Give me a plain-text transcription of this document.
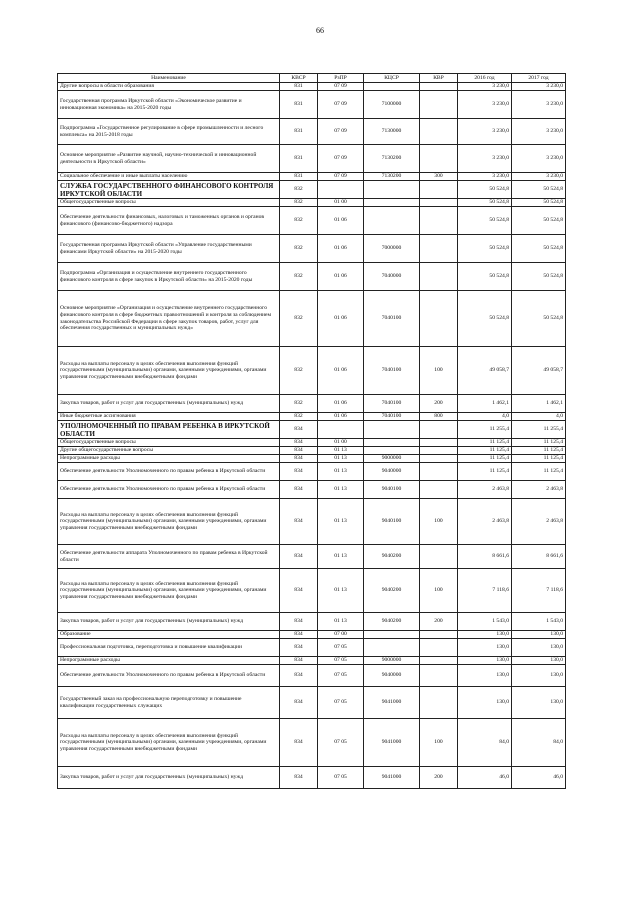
66
Наименование	КВСР	РзПР	КЦСР	КВР	2016 год	2017 год
Другие вопросы в области образования	831	07 09			3 230,0	3 230,0
Государственная программа Иркутской области «Экономическое развитие и инновационная экономика» на 2015-2020 годы	831	07 09	7100000		3 230,0	3 230,0
Подпрограмма «Государственное регулирование в сфере промышленности и лесного комплекса» на 2015-2018 годы	831	07 09	7130000		3 230,0	3 230,0
Основное мероприятие «Развитие научной, научно-технической и инновационной деятельности в Иркутской области»	831	07 09	7130200		3 230,0	3 230,0
Социальное обеспечение и иные выплаты населению	831	07 09	7130200	300	3 230,0	3 230,0
СЛУЖБА ГОСУДАРСТВЕННОГО ФИНАНСОВОГО КОНТРОЛЯ ИРКУТСКОЙ ОБЛАСТИ	832				50 524,8	50 524,8
Общегосударственные вопросы	832	01 00			50 524,8	50 524,8
Обеспечение деятельности финансовых, налоговых и таможенных органов и органов финансового (финансово-бюджетного) надзора	832	01 06			50 524,8	50 524,8
Государственная программа Иркутской области «Управление государственными финансами Иркутской области» на 2015-2020 годы	832	01 06	7000000		50 524,8	50 524,8
Подпрограмма «Организация и осуществление внутреннего государственного финансового контроля в сфере закупок в Иркутской области» на 2015-2020 годы	832	01 06	7040000		50 524,8	50 524,8
Основное мероприятие «Организация и осуществление внутреннего государственного финансового контроля в сфере бюджетных правоотношений и контроля за соблюдением законодательства Российской Федерации в сфере закупок товаров, работ, услуг для обеспечения государственных и муниципальных нужд»	832	01 06	7040100		50 524,8	50 524,8
Расходы на выплаты персоналу в целях обеспечения выполнения функций государственными (муниципальными) органами, казенными учреждениями, органами управления государственными внебюджетными фондами	832	01 06	7040100	100	49 058,7	49 058,7
Закупка товаров, работ и услуг для государственных (муниципальных) нужд	832	01 06	7040100	200	1 462,1	1 462,1
Иные бюджетные ассигнования	832	01 06	7040100	800	4,0	4,0
УПОЛНОМОЧЕННЫЙ ПО ПРАВАМ РЕБЕНКА В ИРКУТСКОЙ ОБЛАСТИ	834				11 255,4	11 255,4
Общегосударственные вопросы	834	01 00			11 125,4	11 125,4
Другие общегосударственные вопросы	834	01 13			11 125,4	11 125,4
Непрограммные расходы	834	01 13	9000000		11 125,4	11 125,4
Обеспечение деятельности Уполномоченного по правам ребенка в Иркутской области	834	01 13	9040000		11 125,4	11 125,4
Обеспечение деятельности Уполномоченного по правам ребенка в Иркутской области	834	01 13	9040100		2 463,8	2 463,8
Расходы на выплаты персоналу в целях обеспечения выполнения функций государственными (муниципальными) органами, казенными учреждениями, органами управления государственными внебюджетными фондами	834	01 13	9040100	100	2 463,8	2 463,8
Обеспечение деятельности аппарата Уполномоченного по правам ребенка в Иркутской области	834	01 13	9040200		8 661,6	8 661,6
Расходы на выплаты персоналу в целях обеспечения выполнения функций государственными (муниципальными) органами, казенными учреждениями, органами управления государственными внебюджетными фондами	834	01 13	9040200	100	7 118,6	7 118,6
Закупка товаров, работ и услуг для государственных (муниципальных) нужд	834	01 13	9040200	200	1 543,0	1 543,0
Образование	834	07 00			130,0	130,0
Профессиональная подготовка, переподготовка и повышение квалификации	834	07 05			130,0	130,0
Непрограммные расходы	834	07 05	9000000		130,0	130,0
Обеспечение деятельности Уполномоченного по правам ребенка в Иркутской области	834	07 05	9040000		130,0	130,0
Государственный заказ на профессиональную переподготовку и повышение квалификации государственных служащих	834	07 05	9041000		130,0	130,0
Расходы на выплаты персоналу в целях обеспечения выполнения функций государственными (муниципальными) органами, казенными учреждениями, органами управления государственными внебюджетными фондами	834	07 05	9041000	100	84,0	84,0
Закупка товаров, работ и услуг для государственных (муниципальных) нужд	834	07 05	9041000	200	46,0	46,0
